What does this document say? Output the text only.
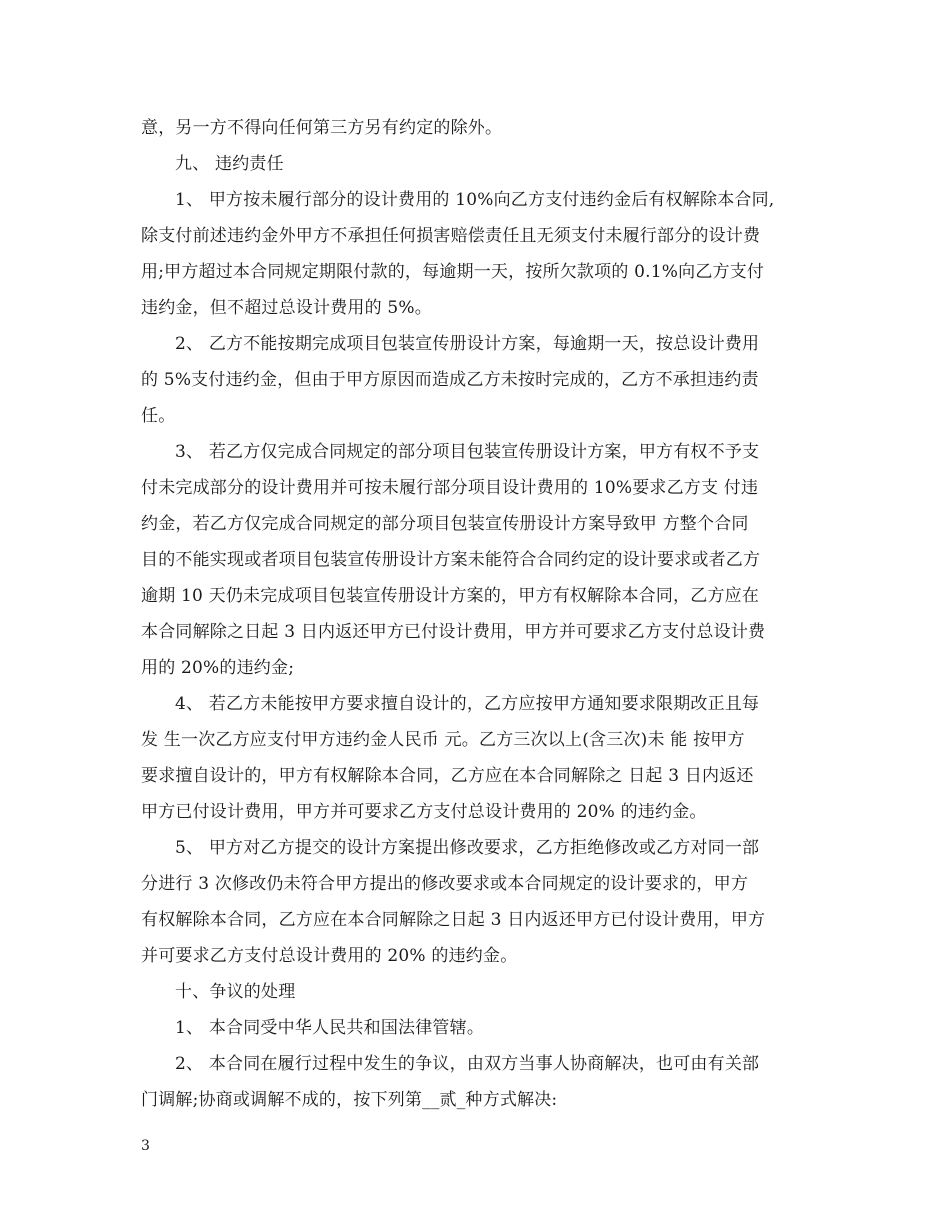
意，另一方不得向任何第三方另有约定的除外。
九、 违约责任
1、 甲方按未履行部分的设计费用的 10%向乙方支付违约金后有权解除本合同,
除支付前述违约金外甲方不承担任何损害赔偿责任且无须支付未履行部分的设计费
用;甲方超过本合同规定期限付款的，每逾期一天，按所欠款项的 0.1%向乙方支付
违约金，但不超过总设计费用的 5%。
2、 乙方不能按期完成项目包装宣传册设计方案，每逾期一天，按总设计费用
的 5%支付违约金，但由于甲方原因而造成乙方未按时完成的，乙方不承担违约责
任。
3、 若乙方仅完成合同规定的部分项目包装宣传册设计方案，甲方有权不予支
付未完成部分的设计费用并可按未履行部分项目设计费用的 10%要求乙方支 付违
约金，若乙方仅完成合同规定的部分项目包装宣传册设计方案导致甲 方整个合同
目的不能实现或者项目包装宣传册设计方案未能符合合同约定的设计要求或者乙方
逾期 10 天仍未完成项目包装宣传册设计方案的，甲方有权解除本合同，乙方应在
本合同解除之日起 3 日内返还甲方已付设计费用，甲方并可要求乙方支付总设计费
用的 20%的违约金;
4、 若乙方未能按甲方要求擅自设计的，乙方应按甲方通知要求限期改正且每
发 生一次乙方应支付甲方违约金人民币 元。乙方三次以上(含三次)未 能 按甲方
要求擅自设计的，甲方有权解除本合同，乙方应在本合同解除之 日起 3 日内返还
甲方已付设计费用，甲方并可要求乙方支付总设计费用的 20% 的违约金。
5、 甲方对乙方提交的设计方案提出修改要求，乙方拒绝修改或乙方对同一部
分进行 3 次修改仍未符合甲方提出的修改要求或本合同规定的设计要求的，甲方
有权解除本合同，乙方应在本合同解除之日起 3 日内返还甲方已付设计费用，甲方
并可要求乙方支付总设计费用的 20% 的违约金。
十、争议的处理
1、 本合同受中华人民共和国法律管辖。
2、 本合同在履行过程中发生的争议，由双方当事人协商解决，也可由有关部
门调解;协商或调解不成的，按下列第__贰_种方式解决:
3
